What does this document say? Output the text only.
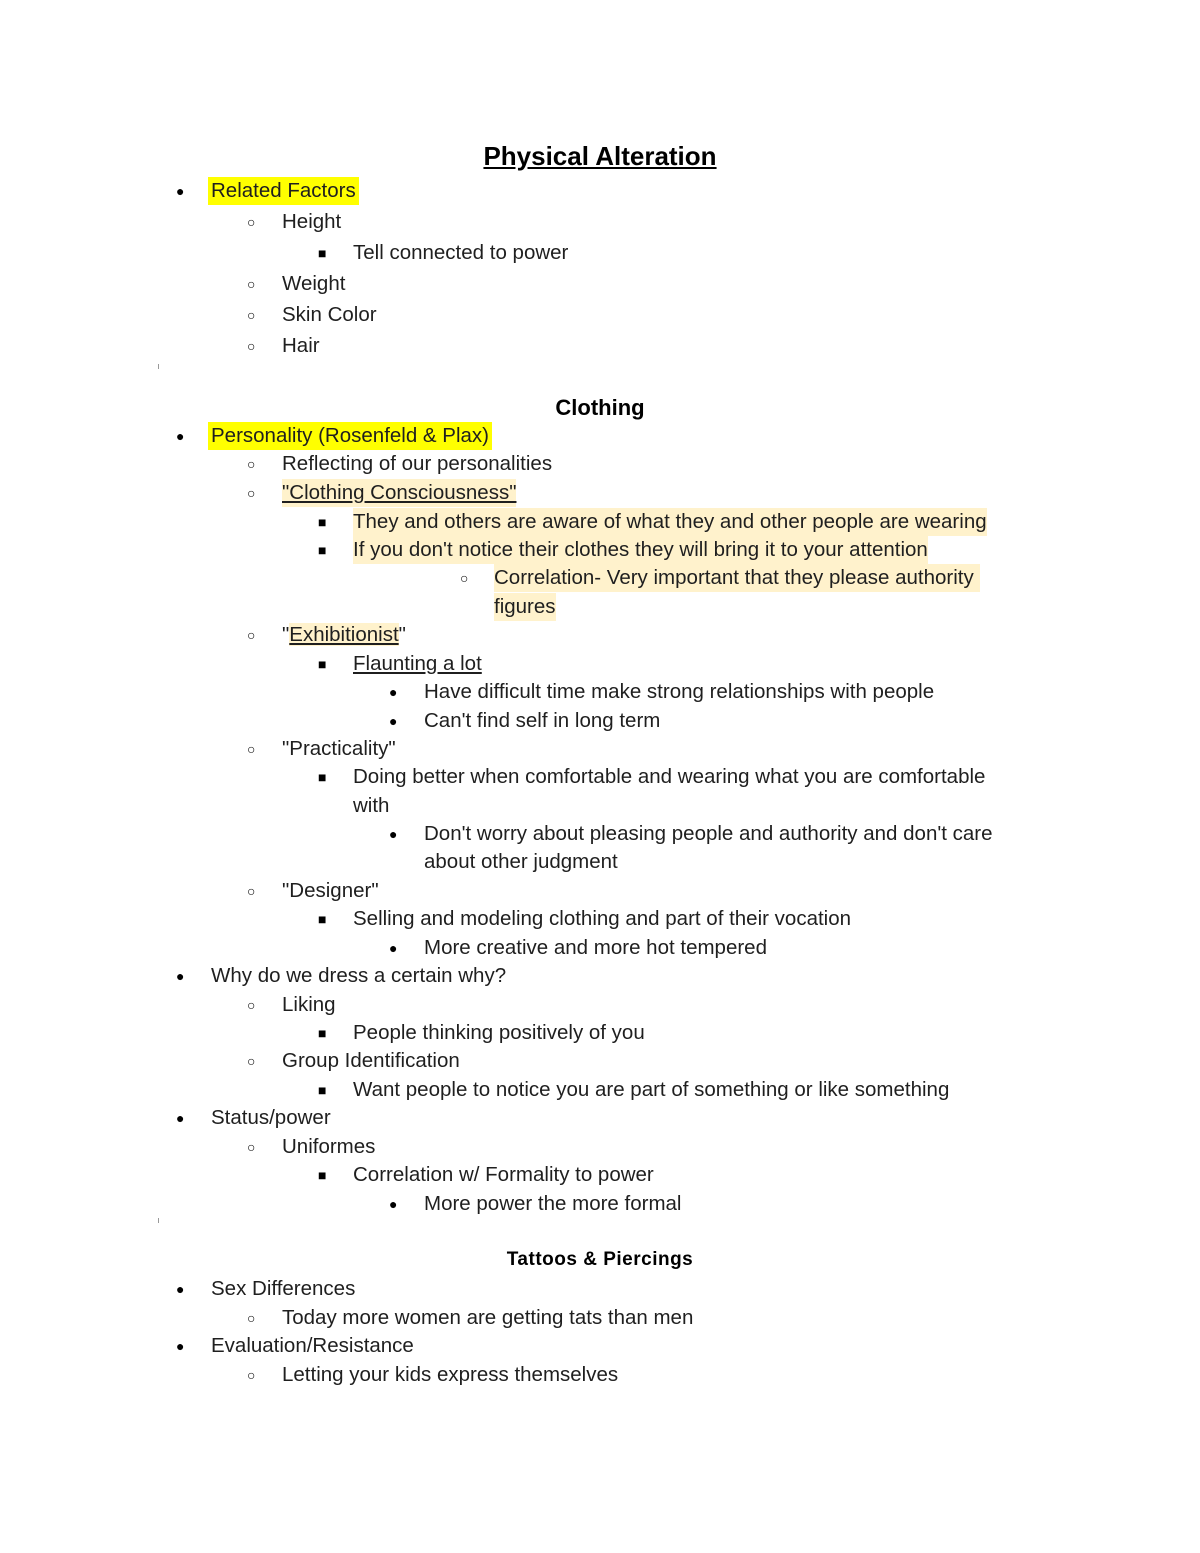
Physical Alteration
● Related Factors
○ Height
■ Tell connected to power
○ Weight
○ Skin Color
○ Hair
Clothing
● Personality (Rosenfeld & Plax)
○ Reflecting of our personalities
○ "Clothing Consciousness"
■ They and others are aware of what they and other people are wearing
■ If you don't notice their clothes they will bring it to your attention
○ Correlation- Very important that they please authority
figures
○ "Exhibitionist"
■ Flaunting a lot
● Have difficult time make strong relationships with people
● Can't find self in long term
○ "Practicality"
■ Doing better when comfortable and wearing what you are comfortable
with
● Don't worry about pleasing people and authority and don't care
about other judgment
○ "Designer"
■ Selling and modeling clothing and part of their vocation
● More creative and more hot tempered
● Why do we dress a certain why?
○ Liking
■ People thinking positively of you
○ Group Identification
■ Want people to notice you are part of something or like something
● Status/power
○ Uniformes
■ Correlation w/ Formality to power
● More power the more formal
Tattoos & Piercings
● Sex Differences
○ Today more women are getting tats than men
● Evaluation/Resistance
○ Letting your kids express themselves
